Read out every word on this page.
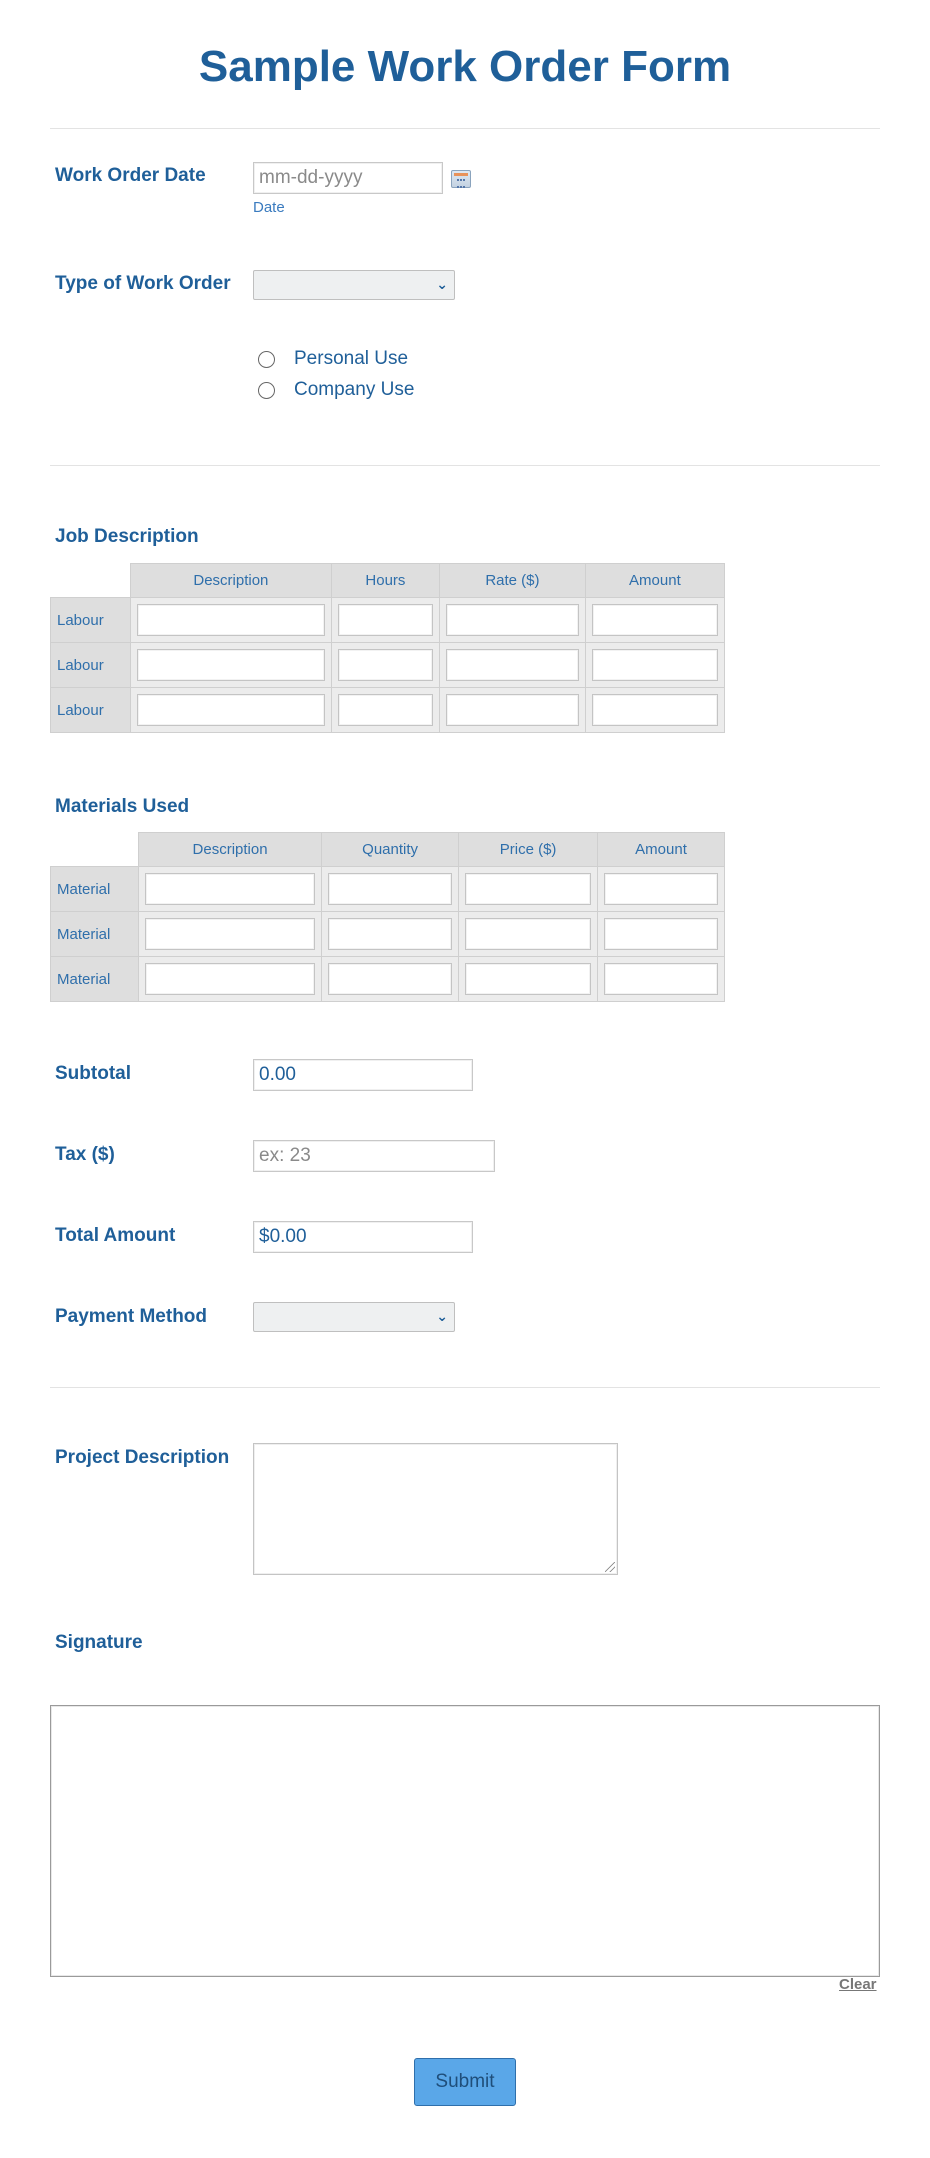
Sample Work Order Form
Work Order Date
mm-dd-yyyy
Date
Type of Work Order	⌄
Personal Use
Company Use
Job Description
	Description	Hours	Rate ($)	Amount
Labour	

Labour	

Labour	

Materials Used
	Description	Quantity	Price ($)	Amount
Material	

Material	

Material	

Subtotal
0.00
Tax ($)
ex: 23
Total Amount
$0.00
Payment Method	⌄
Project Description
Signature
Clear
Submit
